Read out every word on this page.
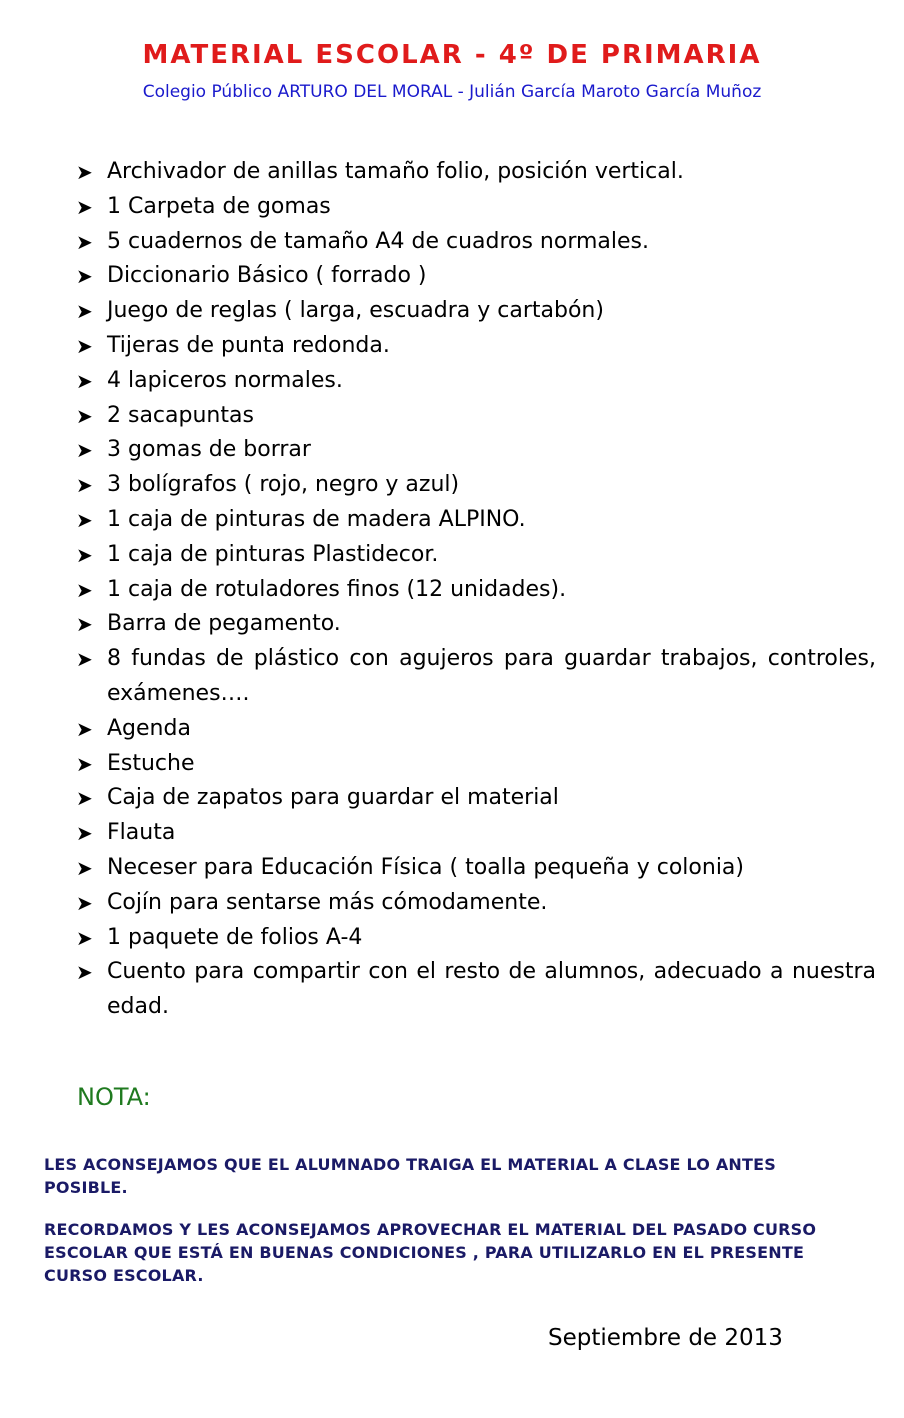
MATERIAL ESCOLAR - 4º DE PRIMARIA
Colegio Público ARTURO DEL MORAL - Julián García Maroto García Muñoz
➤ Archivador de anillas tamaño folio, posición vertical.
➤ 1 Carpeta de gomas
➤ 5 cuadernos de tamaño A4 de cuadros normales.
➤ Diccionario Básico ( forrado )
➤ Juego de reglas ( larga, escuadra y cartabón)
➤ Tijeras de punta redonda.
➤ 4 lapiceros normales.
➤ 2 sacapuntas
➤ 3 gomas de borrar
➤ 3 bolígrafos ( rojo, negro y azul)
➤ 1 caja de pinturas de madera ALPINO.
➤ 1 caja de pinturas Plastidecor.
➤ 1 caja de rotuladores finos (12 unidades).
➤ Barra de pegamento.
➤ 8 fundas de plástico con agujeros para guardar trabajos, controles, exámenes….
➤ Agenda
➤ Estuche
➤ Caja de zapatos para guardar el material
➤ Flauta
➤ Neceser para Educación Física ( toalla pequeña y colonia)
➤ Cojín para sentarse más cómodamente.
➤ 1 paquete de folios A-4
➤ Cuento para compartir con el resto de alumnos, adecuado a nuestra edad.
NOTA:
LES ACONSEJAMOS QUE EL ALUMNADO TRAIGA EL MATERIAL A CLASE LO ANTES POSIBLE.
RECORDAMOS Y LES ACONSEJAMOS APROVECHAR EL MATERIAL DEL PASADO CURSO ESCOLAR QUE ESTÁ EN BUENAS CONDICIONES , PARA UTILIZARLO EN EL PRESENTE CURSO ESCOLAR.
Septiembre de 2013
